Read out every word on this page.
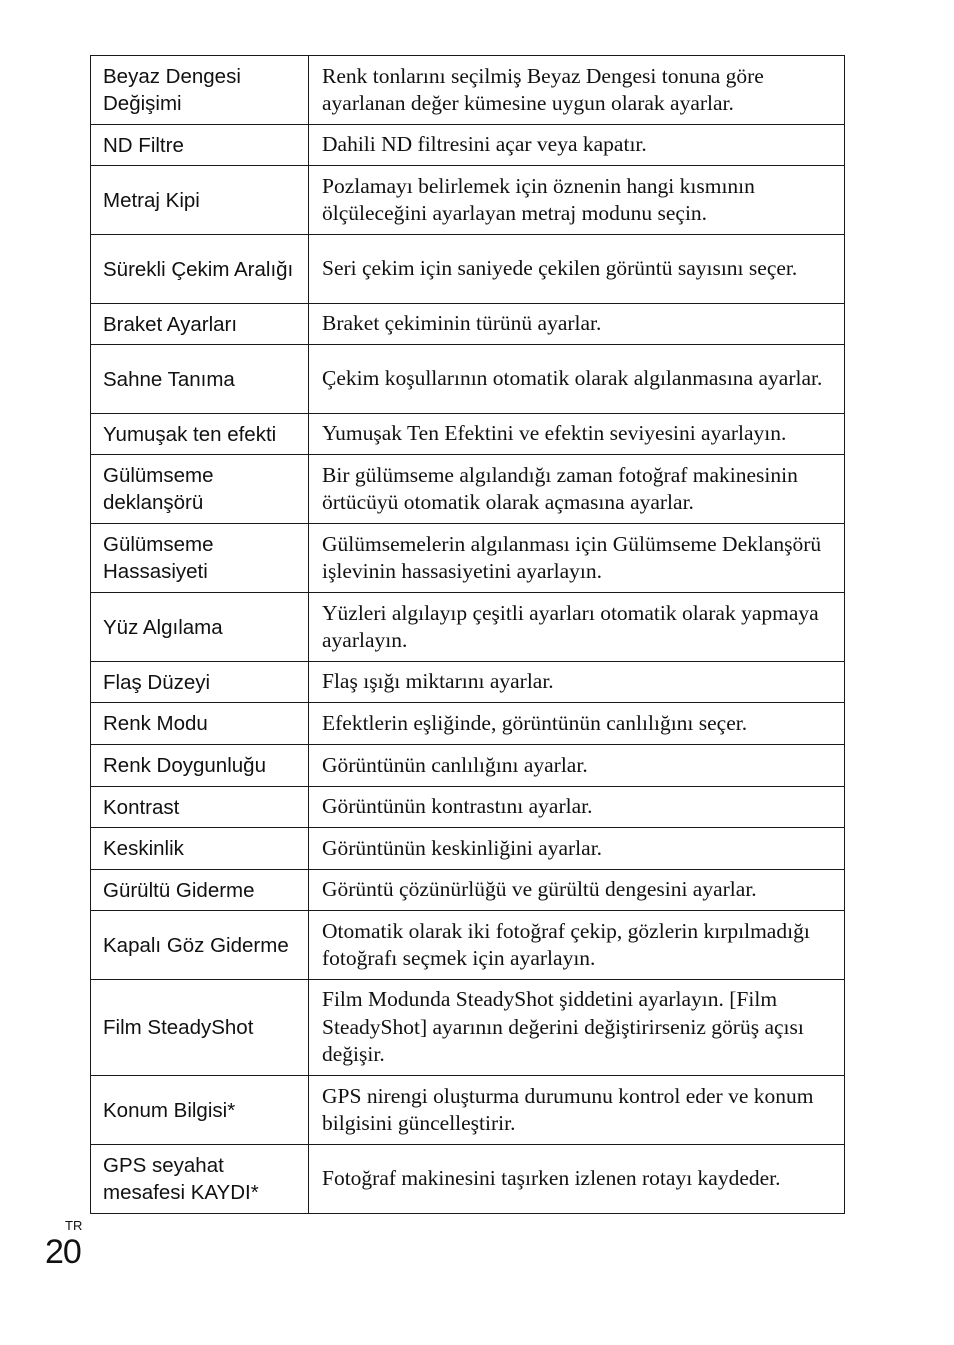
Beyaz Dengesi Değişimi	Renk tonlarını seçilmiş Beyaz Dengesi tonuna göre ayarlanan değer kümesine uygun olarak ayarlar.
ND Filtre	Dahili ND filtresini açar veya kapatır.
Metraj Kipi	Pozlamayı belirlemek için öznenin hangi kısmının ölçüleceğini ayarlayan metraj modunu seçin.
Sürekli Çekim Aralığı	Seri çekim için saniyede çekilen görüntü sayısını seçer.
Braket Ayarları	Braket çekiminin türünü ayarlar.
Sahne Tanıma	Çekim koşullarının otomatik olarak algılanmasına ayarlar.
Yumuşak ten efekti	Yumuşak Ten Efektini ve efektin seviyesini ayarlayın.
Gülümseme deklanşörü	Bir gülümseme algılandığı zaman fotoğraf makinesinin örtücüyü otomatik olarak açmasına ayarlar.
Gülümseme Hassasiyeti	Gülümsemelerin algılanması için Gülümseme Deklanşörü işlevinin hassasiyetini ayarlayın.
Yüz Algılama	Yüzleri algılayıp çeşitli ayarları otomatik olarak yapmaya ayarlayın.
Flaş Düzeyi	Flaş ışığı miktarını ayarlar.
Renk Modu	Efektlerin eşliğinde, görüntünün canlılığını seçer.
Renk Doygunluğu	Görüntünün canlılığını ayarlar.
Kontrast	Görüntünün kontrastını ayarlar.
Keskinlik	Görüntünün keskinliğini ayarlar.
Gürültü Giderme	Görüntü çözünürlüğü ve gürültü dengesini ayarlar.
Kapalı Göz Giderme	Otomatik olarak iki fotoğraf çekip, gözlerin kırpılmadığı fotoğrafı seçmek için ayarlayın.
Film SteadyShot	Film Modunda SteadyShot şiddetini ayarlayın. [Film SteadyShot] ayarının değerini değiştirirseniz görüş açısı değişir.
Konum Bilgisi*	GPS nirengi oluşturma durumunu kontrol eder ve konum bilgisini güncelleştirir.
GPS seyahat mesafesi KAYDI*	Fotoğraf makinesini taşırken izlenen rotayı kaydeder.
TR
20
